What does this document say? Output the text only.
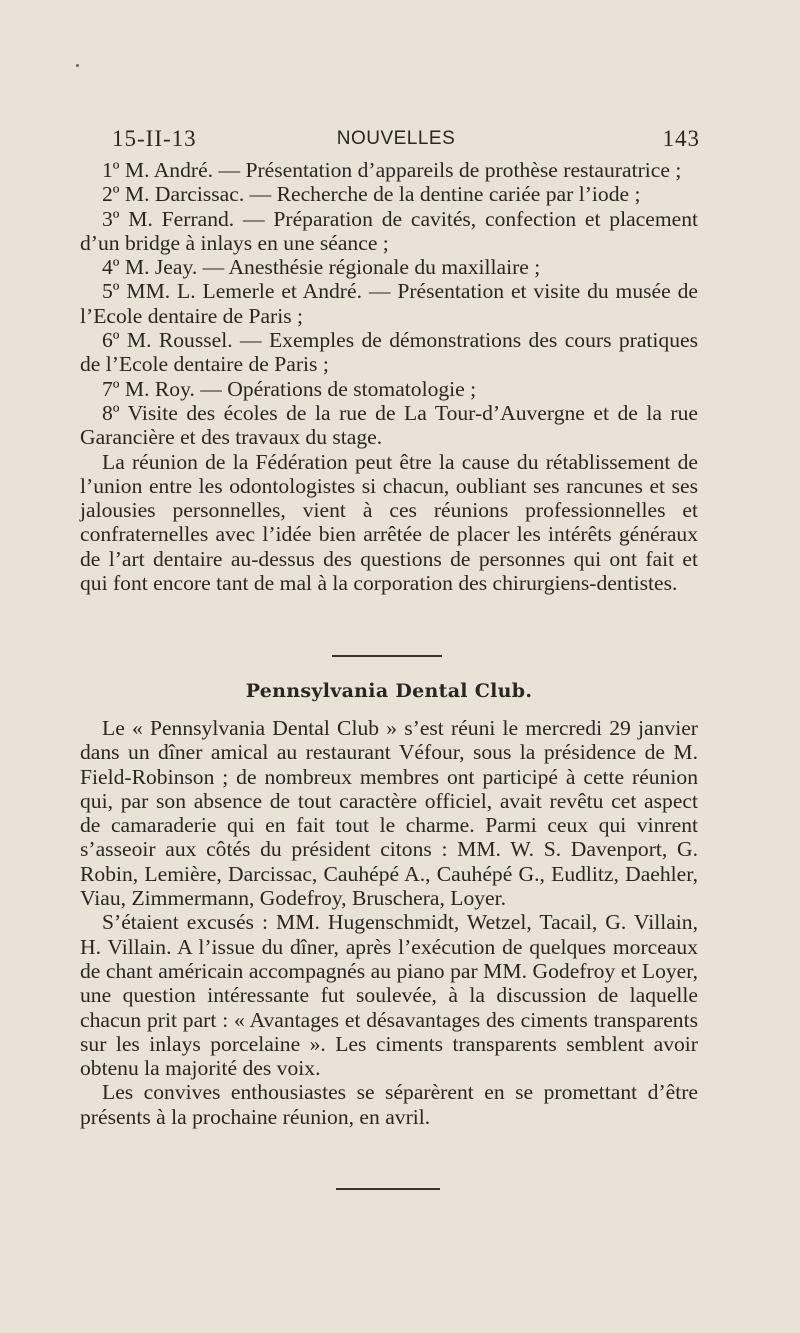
15-II-13	NOUVELLES	143

1º M. André. — Présentation d’appareils de prothèse restauratrice ;

2º M. Darcissac. — Recherche de la dentine cariée par l’iode ;

3º M. Ferrand. — Préparation de cavités, confection et placement d’un bridge à inlays en une séance ;

4º M. Jeay. — Anesthésie régionale du maxillaire ;

5º MM. L. Lemerle et André. — Présentation et visite du musée de l’Ecole dentaire de Paris ;

6º M. Roussel. — Exemples de démonstrations des cours pratiques de l’Ecole dentaire de Paris ;

7º M. Roy. — Opérations de stomatologie ;

8º Visite des écoles de la rue de La Tour-d’Auvergne et de la rue Garancière et des travaux du stage.

La réunion de la Fédération peut être la cause du rétablissement de l’union entre les odontologistes si chacun, oubliant ses rancunes et ses jalousies personnelles, vient à ces réunions professionnelles et confraternelles avec l’idée bien arrêtée de placer les intérêts généraux de l’art dentaire au-dessus des questions de personnes qui ont fait et qui font encore tant de mal à la corporation des chirurgiens-dentistes.

Pennsylvania Dental Club.

Le « Pennsylvania Dental Club » s’est réuni le mercredi 29 janvier dans un dîner amical au restaurant Véfour, sous la présidence de M. Field-Robinson ; de nombreux membres ont participé à cette réunion qui, par son absence de tout caractère officiel, avait revêtu cet aspect de camaraderie qui en fait tout le charme. Parmi ceux qui vinrent s’asseoir aux côtés du président citons : MM. W. S. Davenport, G. Robin, Lemière, Darcissac, Cauhépé A., Cauhépé G., Eudlitz, Daehler, Viau, Zimmermann, Godefroy, Bruschera, Loyer.

S’étaient excusés : MM. Hugenschmidt, Wetzel, Tacail, G. Villain, H. Villain. A l’issue du dîner, après l’exécution de quelques morceaux de chant américain accompagnés au piano par MM. Godefroy et Loyer, une question intéressante fut soulevée, à la discussion de laquelle chacun prit part : « Avantages et désavantages des ciments transparents sur les inlays porcelaine ». Les ciments transparents semblent avoir obtenu la majorité des voix.

Les convives enthousiastes se séparèrent en se promettant d’être présents à la prochaine réunion, en avril.
